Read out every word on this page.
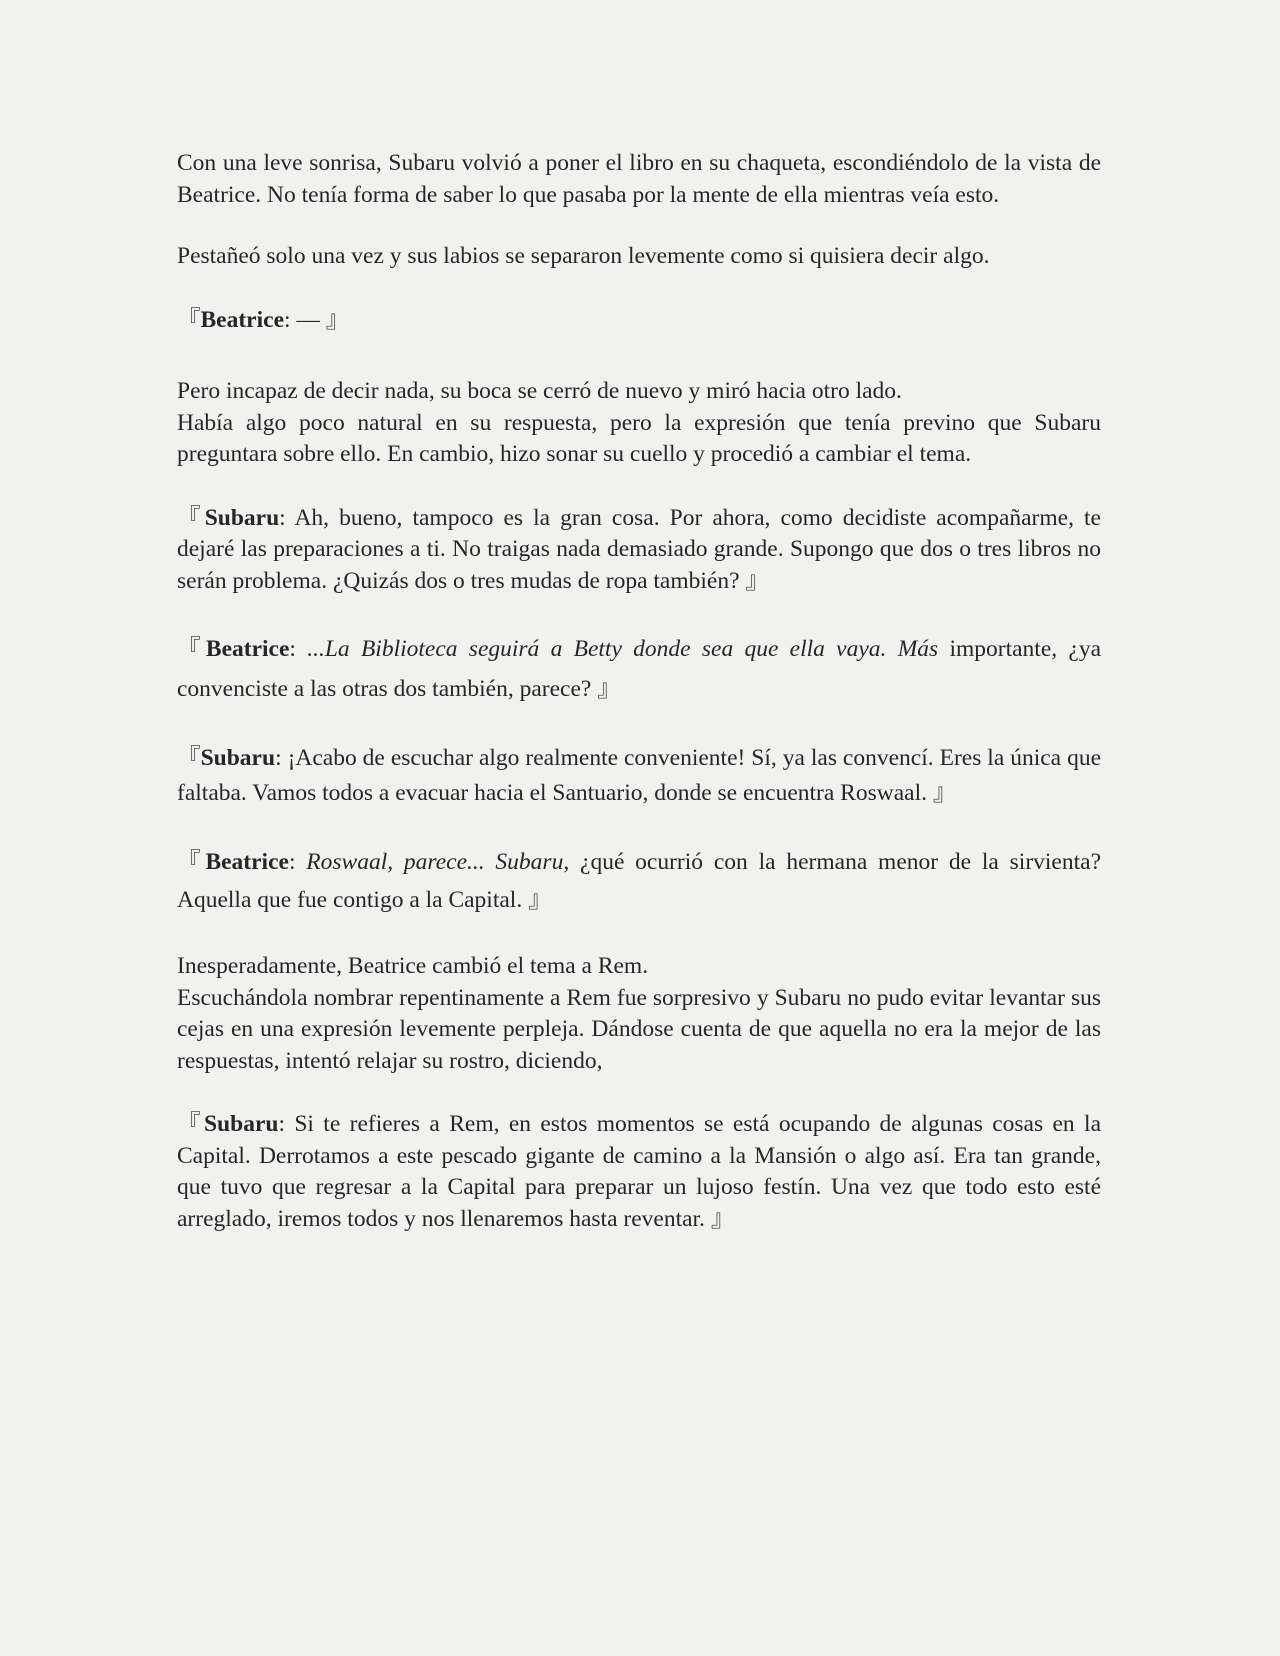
Con una leve sonrisa, Subaru volvió a poner el libro en su chaqueta, escondiéndolo de la vista de Beatrice. No tenía forma de saber lo que pasaba por la mente de ella mientras veía esto.

Pestañeó solo una vez y sus labios se separaron levemente como si quisiera decir algo.

『Beatrice: — 』

Pero incapaz de decir nada, su boca se cerró de nuevo y miró hacia otro lado.

Había algo poco natural en su respuesta, pero la expresión que tenía previno que Subaru preguntara sobre ello. En cambio, hizo sonar su cuello y procedió a cambiar el tema.

『Subaru: Ah, bueno, tampoco es la gran cosa. Por ahora, como decidiste acompañarme, te dejaré las preparaciones a ti. No traigas nada demasiado grande. Supongo que dos o tres libros no serán problema. ¿Quizás dos o tres mudas de ropa también? 』

『Beatrice: ...La Biblioteca seguirá a Betty donde sea que ella vaya. Más importante, ¿ya convenciste a las otras dos también, parece? 』

『Subaru: ¡Acabo de escuchar algo realmente conveniente! Sí, ya las convencí. Eres la única que faltaba. Vamos todos a evacuar hacia el Santuario, donde se encuentra Roswaal. 』

『Beatrice: Roswaal, parece... Subaru, ¿qué ocurrió con la hermana menor de la sirvienta? Aquella que fue contigo a la Capital. 』

Inesperadamente, Beatrice cambió el tema a Rem.

Escuchándola nombrar repentinamente a Rem fue sorpresivo y Subaru no pudo evitar levantar sus cejas en una expresión levemente perpleja. Dándose cuenta de que aquella no era la mejor de las respuestas, intentó relajar su rostro, diciendo,

『Subaru: Si te refieres a Rem, en estos momentos se está ocupando de algunas cosas en la Capital. Derrotamos a este pescado gigante de camino a la Mansión o algo así. Era tan grande, que tuvo que regresar a la Capital para preparar un lujoso festín. Una vez que todo esto esté arreglado, iremos todos y nos llenaremos hasta reventar. 』
